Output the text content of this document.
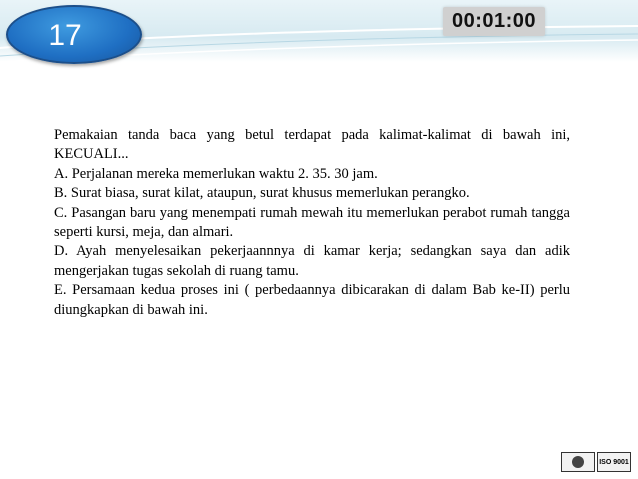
17	00:01:00

Pemakaian tanda baca yang betul terdapat pada kalimat-kalimat di bawah ini, KECUALI...

A. Perjalanan mereka memerlukan waktu 2. 35. 30 jam.

B. Surat biasa, surat kilat, ataupun, surat khusus memerlukan perangko.

C. Pasangan baru yang menempati rumah mewah itu memerlukan perabot rumah tangga seperti kursi, meja, dan almari.

D. Ayah menyelesaikan pekerjaannnya di kamar kerja; sedangkan saya dan adik mengerjakan tugas sekolah di ruang tamu.

E. Persamaan kedua proses ini ( perbedaannya dibicarakan di dalam Bab ke-II) perlu diungkapkan di bawah ini.

ISO 9001
